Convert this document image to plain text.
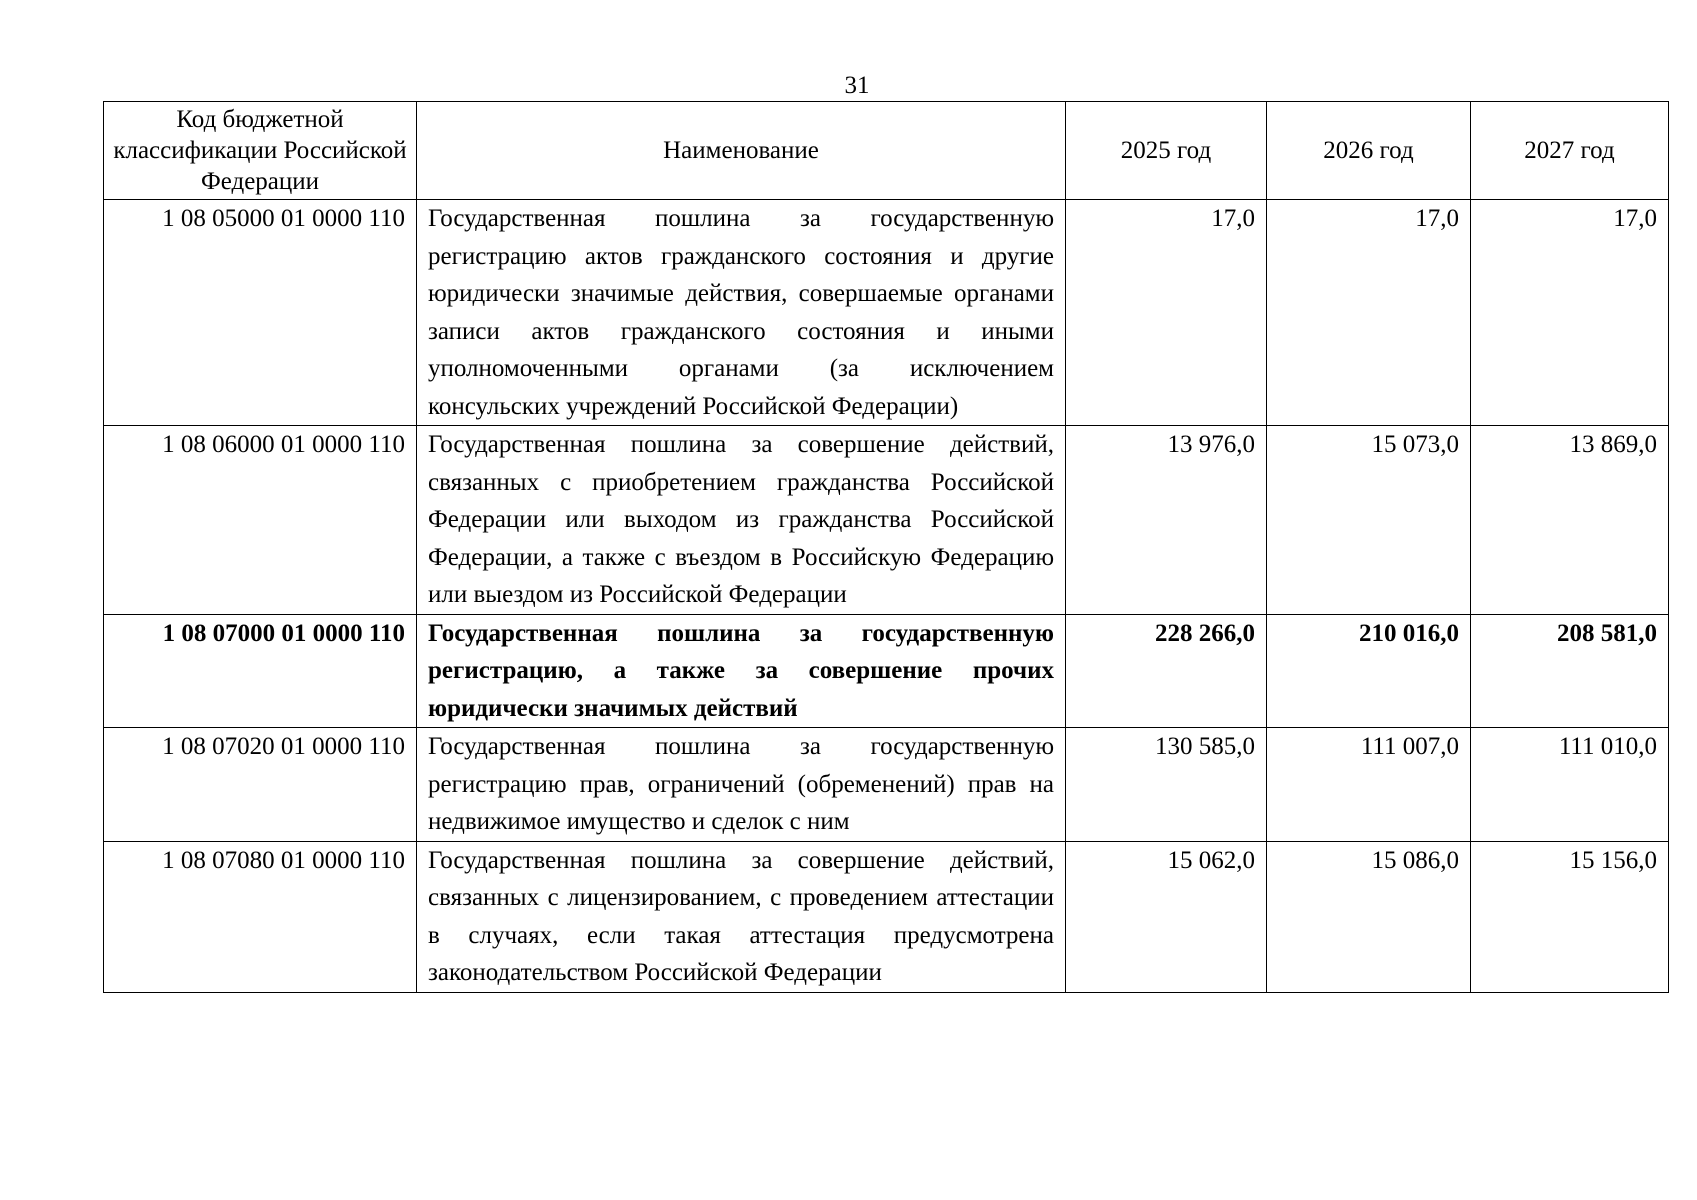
31
Код бюджетной классификации Российской Федерации	Наименование	2025 год	2026 год	2027 год
1 08 05000 01 0000 110	Государственная пошлина за государственную регистрацию актов гражданского состояния и другие юридически значимые действия, совершаемые органами записи актов гражданского состояния и иными уполномоченными органами (за исключением консульских учреждений Российской Федерации)	17,0	17,0	17,0
1 08 06000 01 0000 110	Государственная пошлина за совершение действий, связанных с приобретением гражданства Российской Федерации или выходом из гражданства Российской Федерации, а также с въездом в Российскую Федерацию или выездом из Российской Федерации	13 976,0	15 073,0	13 869,0
1 08 07000 01 0000 110	Государственная пошлина за государственную регистрацию, а также за совершение прочих юридически значимых действий	228 266,0	210 016,0	208 581,0
1 08 07020 01 0000 110	Государственная пошлина за государственную регистрацию прав, ограничений (обременений) прав на недвижимое имущество и сделок с ним	130 585,0	111 007,0	111 010,0
1 08 07080 01 0000 110	Государственная пошлина за совершение действий, связанных с лицензированием, с проведением аттестации в случаях, если такая аттестация предусмотрена законодательством Российской Федерации	15 062,0	15 086,0	15 156,0
